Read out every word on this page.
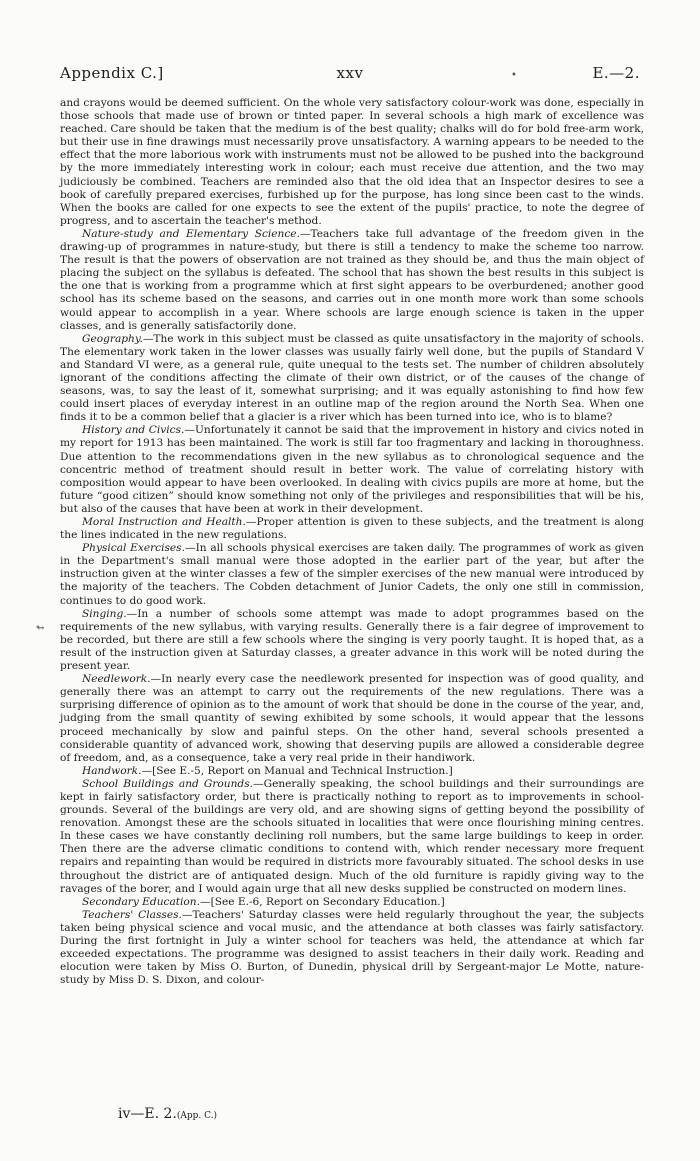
Appendix C.]	xxv	E.—2.
•
↬

and crayons would be deemed sufficient. On the whole very satisfactory colour-work was done, especially in those schools that made use of brown or tinted paper. In several schools a high mark of excellence was reached. Care should be taken that the medium is of the best quality; chalks will do for bold free-arm work, but their use in fine drawings must necessarily prove unsatisfactory. A warning appears to be needed to the effect that the more laborious work with instruments must not be allowed to be pushed into the background by the more immediately interesting work in colour; each must receive due attention, and the two may judiciously be combined. Teachers are reminded also that the old idea that an Inspector desires to see a book of carefully prepared exercises, furbished up for the purpose, has long since been cast to the winds. When the books are called for one expects to see the extent of the pupils' practice, to note the degree of progress, and to ascertain the teacher's method.

Nature-study and Elementary Science.—Teachers take full advantage of the freedom given in the drawing-up of programmes in nature-study, but there is still a tendency to make the scheme too narrow. The result is that the powers of observation are not trained as they should be, and thus the main object of placing the subject on the syllabus is defeated. The school that has shown the best results in this subject is the one that is working from a programme which at first sight appears to be overburdened; another good school has its scheme based on the seasons, and carries out in one month more work than some schools would appear to accomplish in a year. Where schools are large enough science is taken in the upper classes, and is generally satisfactorily done.

Geography.—The work in this subject must be classed as quite unsatisfactory in the majority of schools. The elementary work taken in the lower classes was usually fairly well done, but the pupils of Standard V and Standard VI were, as a general rule, quite unequal to the tests set. The number of children absolutely ignorant of the conditions affecting the climate of their own district, or of the causes of the change of seasons, was, to say the least of it, somewhat surprising; and it was equally astonishing to find how few could insert places of everyday interest in an outline map of the region around the North Sea. When one finds it to be a common belief that a glacier is a river which has been turned into ice, who is to blame?

History and Civics.—Unfortunately it cannot be said that the improvement in history and civics noted in my report for 1913 has been maintained. The work is still far too fragmentary and lacking in thoroughness. Due attention to the recommendations given in the new syllabus as to chronological sequence and the concentric method of treatment should result in better work. The value of correlating history with composition would appear to have been overlooked. In dealing with civics pupils are more at home, but the future “good citizen” should know something not only of the privileges and responsibilities that will be his, but also of the causes that have been at work in their development.

Moral Instruction and Health.—Proper attention is given to these subjects, and the treatment is along the lines indicated in the new regulations.

Physical Exercises.—In all schools physical exercises are taken daily. The programmes of work as given in the Department's small manual were those adopted in the earlier part of the year, but after the instruction given at the winter classes a few of the simpler exercises of the new manual were introduced by the majority of the teachers. The Cobden detachment of Junior Cadets, the only one still in commission, continues to do good work.

Singing.—In a number of schools some attempt was made to adopt programmes based on the requirements of the new syllabus, with varying results. Generally there is a fair degree of improvement to be recorded, but there are still a few schools where the singing is very poorly taught. It is hoped that, as a result of the instruction given at Saturday classes, a greater advance in this work will be noted during the present year.

Needlework.—In nearly every case the needlework presented for inspection was of good quality, and generally there was an attempt to carry out the requirements of the new regulations. There was a surprising difference of opinion as to the amount of work that should be done in the course of the year, and, judging from the small quantity of sewing exhibited by some schools, it would appear that the lessons proceed mechanically by slow and painful steps. On the other hand, several schools presented a considerable quantity of advanced work, showing that deserving pupils are allowed a considerable degree of freedom, and, as a consequence, take a very real pride in their handiwork.

Handwork.—[See E.-5, Report on Manual and Technical Instruction.]

School Buildings and Grounds.—Generally speaking, the school buildings and their surroundings are kept in fairly satisfactory order, but there is practically nothing to report as to improvements in school-grounds. Several of the buildings are very old, and are showing signs of getting beyond the possibility of renovation. Amongst these are the schools situated in localities that were once flourishing mining centres. In these cases we have constantly declining roll numbers, but the same large buildings to keep in order. Then there are the adverse climatic conditions to contend with, which render necessary more frequent repairs and repainting than would be required in districts more favourably situated. The school desks in use throughout the district are of antiquated design. Much of the old furniture is rapidly giving way to the ravages of the borer, and I would again urge that all new desks supplied be constructed on modern lines.

Secondary Education.—[See E.-6, Report on Secondary Education.]

Teachers' Classes.—Teachers' Saturday classes were held regularly throughout the year, the subjects taken being physical science and vocal music, and the attendance at both classes was fairly satisfactory. During the first fortnight in July a winter school for teachers was held, the attendance at which far exceeded expectations. The programme was designed to assist teachers in their daily work. Reading and elocution were taken by Miss O. Burton, of Dunedin, physical drill by Sergeant-major Le Motte, nature-study by Miss D. S. Dixon, and colour-

iv—E. 2.(App. C.)
